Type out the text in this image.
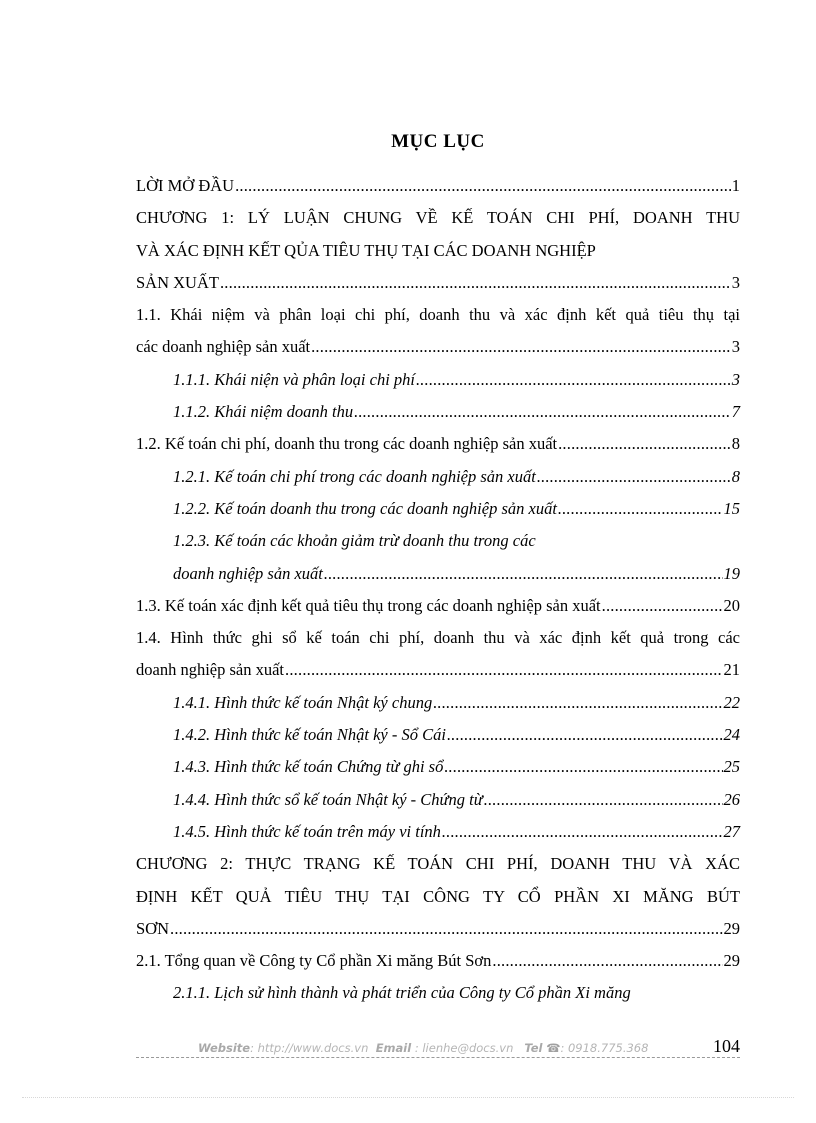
MỤC LỤC
LỜI MỞ ĐẦU .....	1
CHƯƠNG 1: LÝ LUẬN CHUNG VỀ KẾ TOÁN CHI PHÍ, DOANH THU
VÀ XÁC ĐỊNH KẾT QỦA TIÊU THỤ TẠI CÁC DOANH NGHIỆP
SẢN XUẤT .....	3
1.1. Khái niệm và phân loại chi phí, doanh thu và xác định kết quả tiêu thụ tại
các doanh nghiệp sản xuất .....	3
1.1.1. Khái niện và phân loại chi phí .....	3
1.1.2. Khái niệm doanh thu .....	7
1.2. Kế toán chi phí, doanh thu trong các doanh nghiệp sản xuất .....	8
1.2.1. Kế toán chi phí trong các doanh nghiệp sản xuất .....	8
1.2.2. Kế toán doanh thu trong các doanh nghiệp sản xuất .....	15
1.2.3. Kế toán các khoản giảm trừ doanh thu trong các
doanh nghiệp sản xuất .....	19
1.3. Kế toán xác định kết quả tiêu thụ trong các doanh nghiệp sản xuất .....	20
1.4. Hình thức ghi sổ kế toán chi phí, doanh thu và xác định kết quả trong các
doanh nghiệp sản xuất .....	21
1.4.1. Hình thức kế toán Nhật ký chung .....	22
1.4.2. Hình thức kế toán Nhật ký - Sổ Cái .....	24
1.4.3. Hình thức kế toán Chứng từ ghi sổ .....	25
1.4.4. Hình thức sổ kế toán Nhật ký - Chứng từ .....	26
1.4.5. Hình thức kế toán trên máy vi tính .....	27
CHƯƠNG 2: THỰC TRẠNG KẾ TOÁN CHI PHÍ, DOANH THU VÀ XÁC
ĐỊNH KẾT QUẢ TIÊU THỤ TẠI CÔNG TY CỔ PHẦN XI MĂNG BÚT
SƠN .....	29
2.1. Tổng quan về Công ty Cổ phần Xi măng Bút Sơn .....	29
2.1.1. Lịch sử hình thành và phát triển của Công ty Cổ phần Xi măng
Website: http://www.docs.vn Email : lienhe@docs.vn Tel ☎: 0918.775.368	104
